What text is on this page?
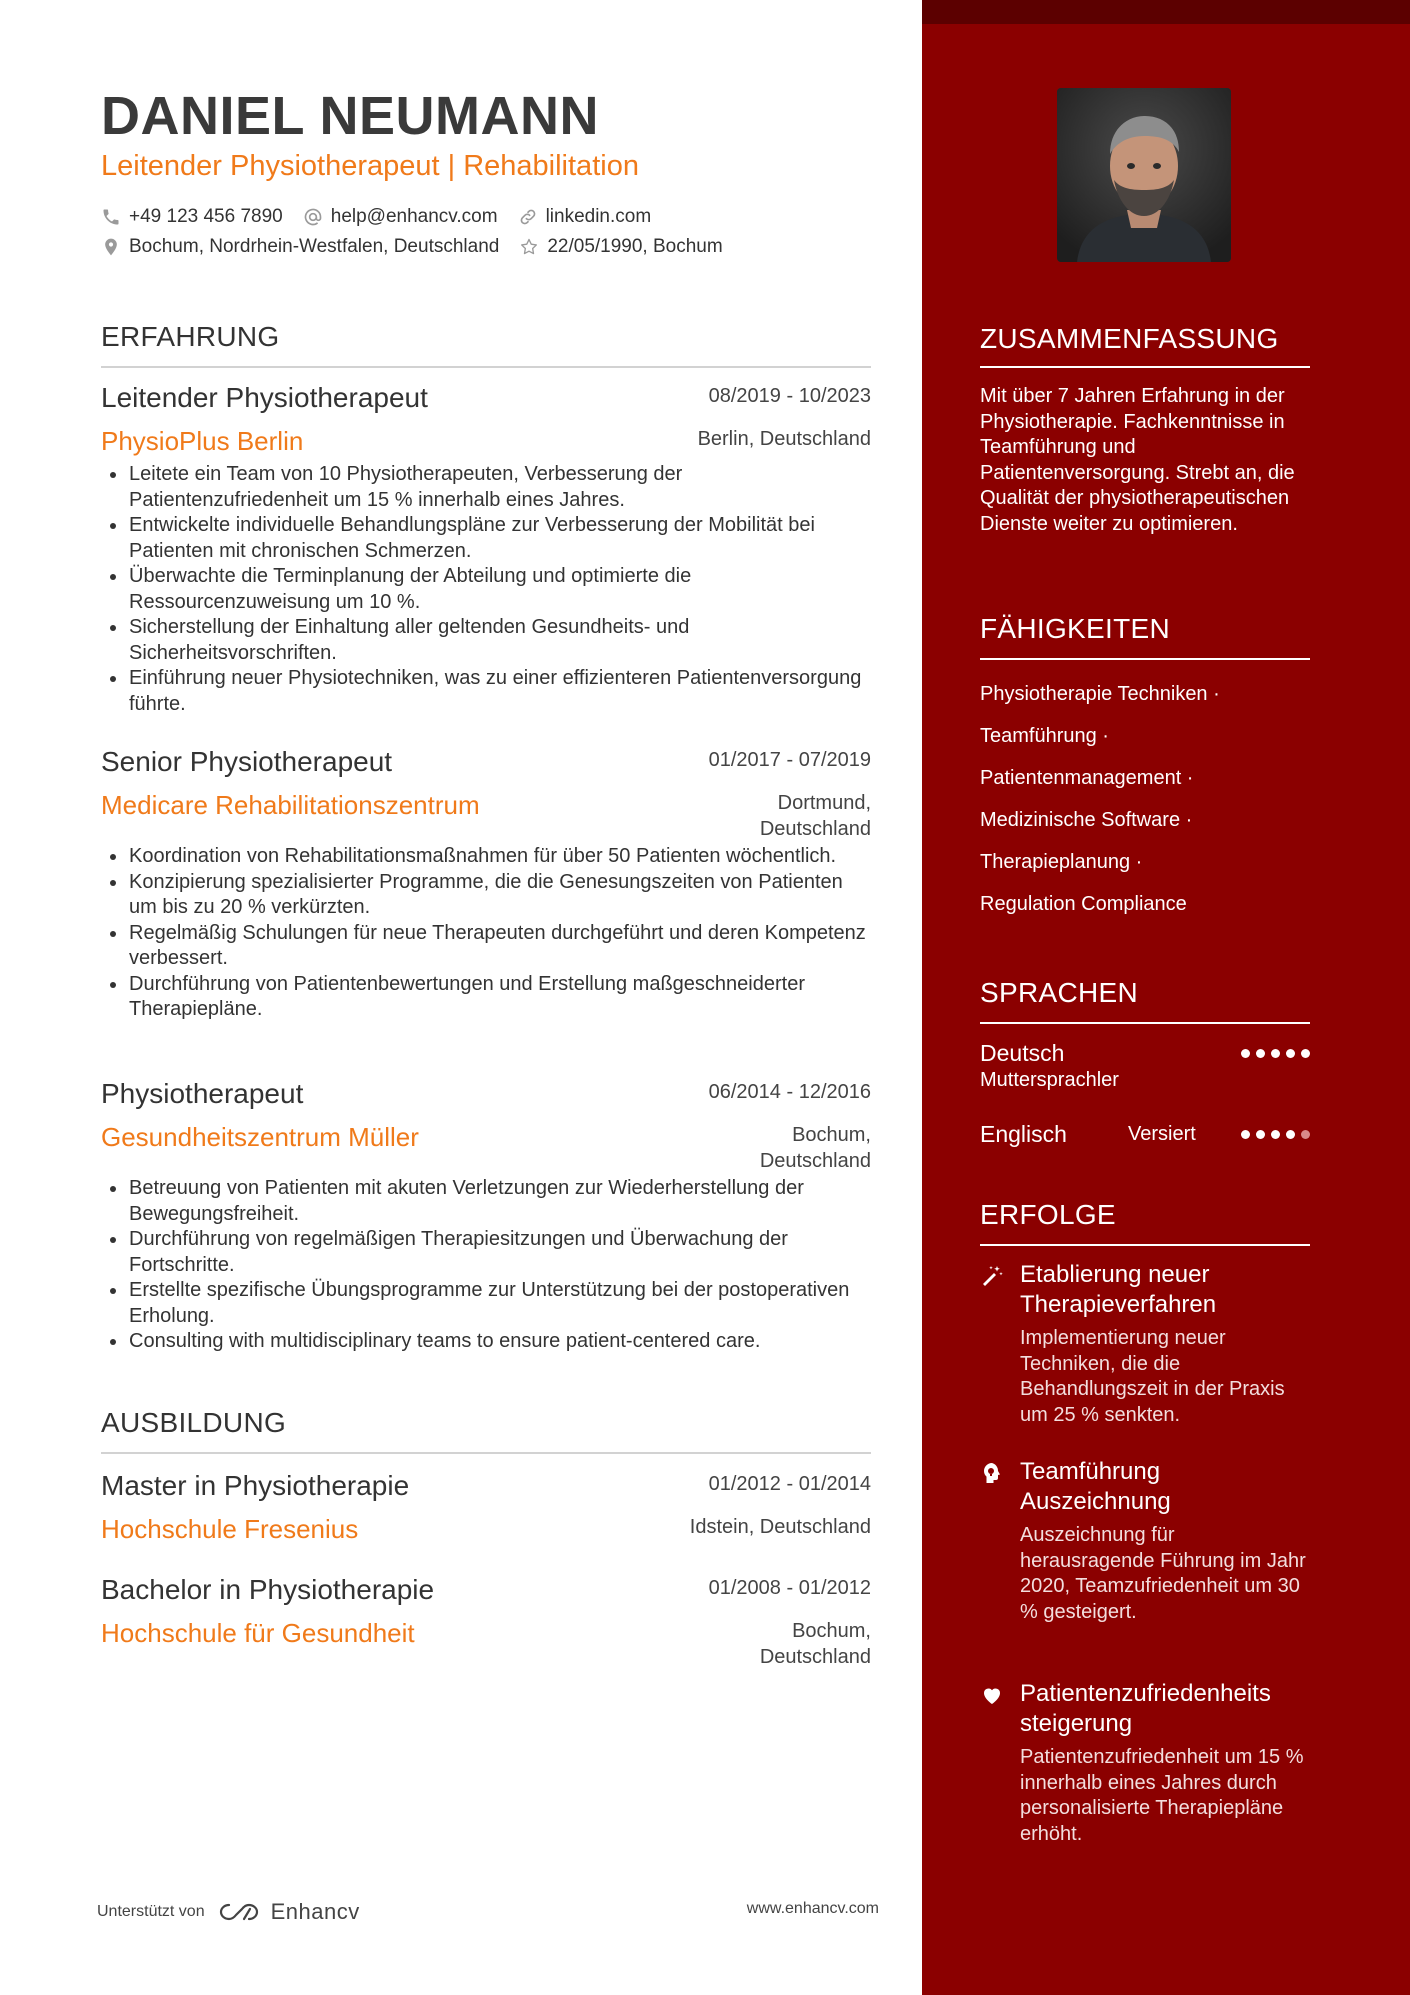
DANIEL NEUMANN
Leitender Physiotherapeut | Rehabilitation
+49 123 456 7890	help@enhancv.com	linkedin.com
Bochum, Nordrhein-Westfalen, Deutschland	22/05/1990, Bochum
ERFAHRUNG
Leitender Physiotherapeut	08/2019 - 10/2023
PhysioPlus Berlin	Berlin, Deutschland
Leitete ein Team von 10 Physiotherapeuten, Verbesserung der Patientenzufriedenheit um 15 % innerhalb eines Jahres.
Entwickelte individuelle Behandlungspläne zur Verbesserung der Mobilität bei Patienten mit chronischen Schmerzen.
Überwachte die Terminplanung der Abteilung und optimierte die Ressourcenzuweisung um 10 %.
Sicherstellung der Einhaltung aller geltenden Gesundheits- und Sicherheitsvorschriften.
Einführung neuer Physiotechniken, was zu einer effizienteren Patientenversorgung führte.
Senior Physiotherapeut	01/2017 - 07/2019
Medicare Rehabilitationszentrum	Dortmund, Deutschland
Koordination von Rehabilitationsmaßnahmen für über 50 Patienten wöchentlich.
Konzipierung spezialisierter Programme, die die Genesungszeiten von Patienten um bis zu 20 % verkürzten.
Regelmäßig Schulungen für neue Therapeuten durchgeführt und deren Kompetenz verbessert.
Durchführung von Patientenbewertungen und Erstellung maßgeschneiderter Therapiepläne.
Physiotherapeut	06/2014 - 12/2016
Gesundheitszentrum Müller	Bochum, Deutschland
Betreuung von Patienten mit akuten Verletzungen zur Wiederherstellung der Bewegungsfreiheit.
Durchführung von regelmäßigen Therapiesitzungen und Überwachung der Fortschritte.
Erstellte spezifische Übungsprogramme zur Unterstützung bei der postoperativen Erholung.
Consulting with multidisciplinary teams to ensure patient-centered care.
AUSBILDUNG
Master in Physiotherapie	01/2012 - 01/2014
Hochschule Fresenius	Idstein, Deutschland
Bachelor in Physiotherapie	01/2008 - 01/2012
Hochschule für Gesundheit	Bochum, Deutschland
Unterstützt von	Enhancv	www.enhancv.com
ZUSAMMENFASSUNG
Mit über 7 Jahren Erfahrung in der Physiotherapie. Fachkenntnisse in Teamführung und Patientenversorgung. Strebt an, die Qualität der physiotherapeutischen Dienste weiter zu optimieren.
FÄHIGKEITEN
Physiotherapie Techniken ·
Teamführung ·
Patientenmanagement ·
Medizinische Software ·
Therapieplanung ·
Regulation Compliance
SPRACHEN
Deutsch
Muttersprachler
Englisch	Versiert
ERFOLGE
Etablierung neuer Therapieverfahren
Implementierung neuer Techniken, die die Behandlungszeit in der Praxis um 25 % senkten.
Teamführung Auszeichnung
Auszeichnung für herausragende Führung im Jahr 2020, Teamzufriedenheit um 30 % gesteigert.
Patientenzufriedenheits steigerung
Patientenzufriedenheit um 15 % innerhalb eines Jahres durch personalisierte Therapiepläne erhöht.
